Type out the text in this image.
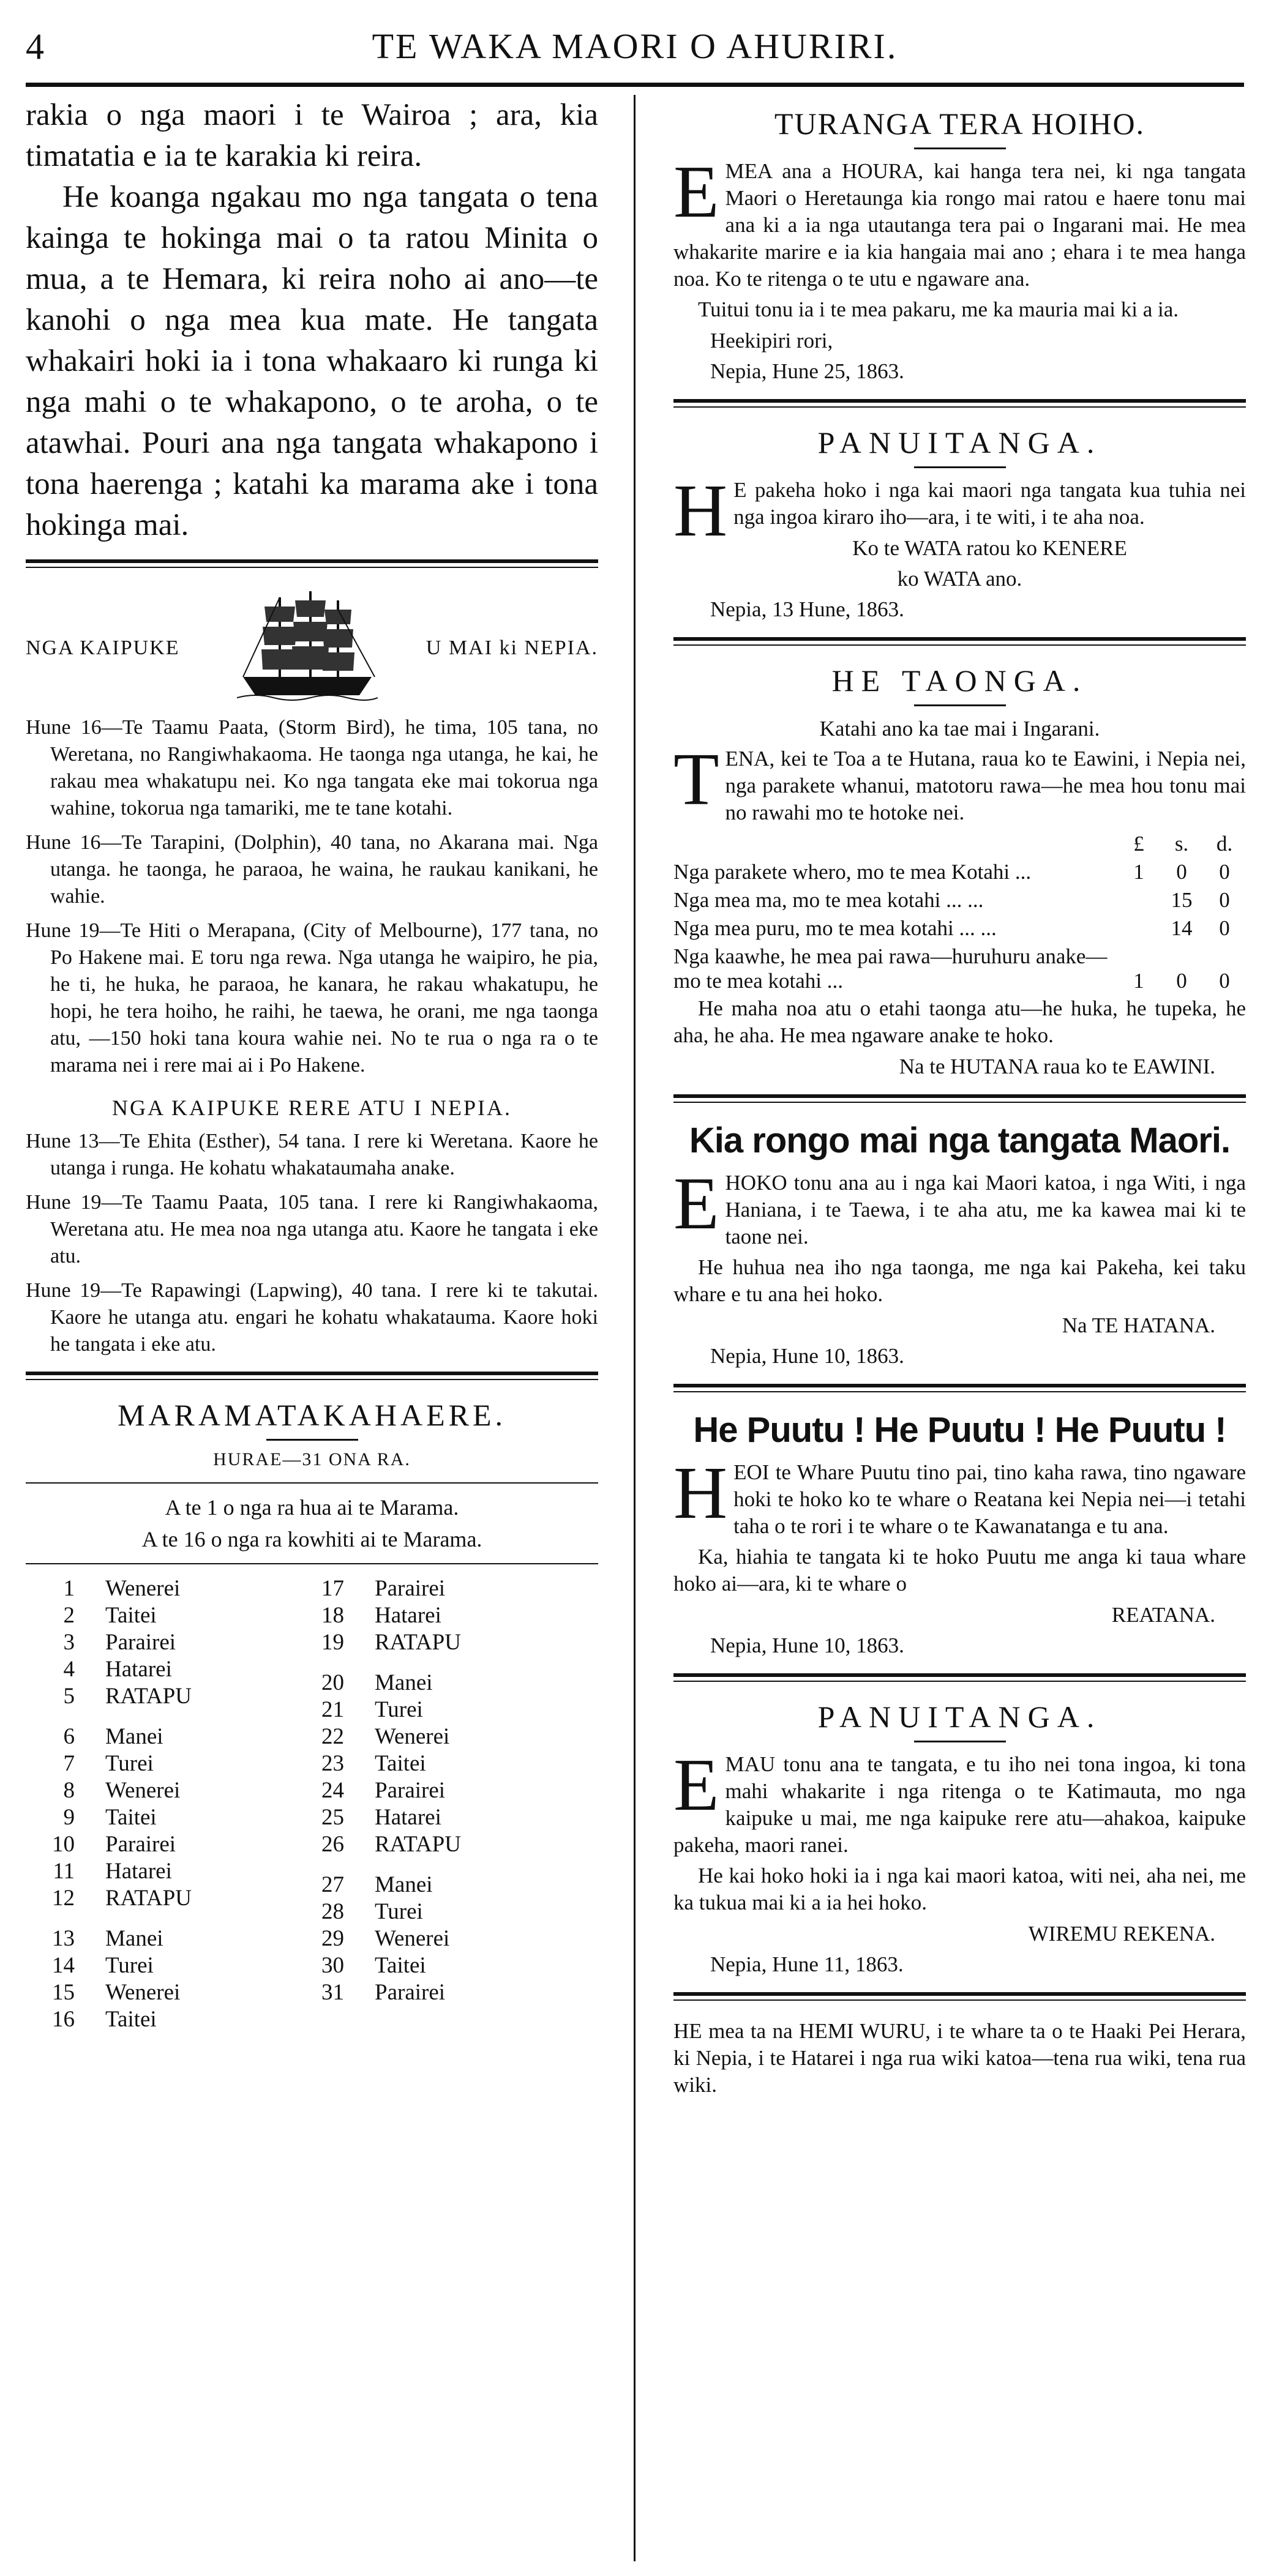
4	TE WAKA MAORI O AHURIRI.

rakia o nga maori i te Wairoa ; ara, kia timatatia e ia te karakia ki reira.

He koanga ngakau mo nga tangata o tena kainga te hokinga mai o ta ratou Minita o mua, a te Hemara, ki reira noho ai ano—te kanohi o nga mea kua mate. He tangata whakairi hoki ia i tona whakaaro ki runga ki nga mahi o te whakapono, o te aroha, o te atawhai. Pouri ana nga tangata whakapono i tona haerenga ; katahi ka marama ake i tona hokinga mai.

NGA KAIPUKE	U MAI ki NEPIA.

Hune 16—Te Taamu Paata, (Storm Bird), he tima, 105 tana, no Weretana, no Rangiwhakaoma. He taonga nga utanga, he kai, he rakau mea whakatupu nei. Ko nga tangata eke mai tokorua nga wahine, tokorua nga tamariki, me te tane kotahi.

Hune 16—Te Tarapini, (Dolphin), 40 tana, no Akarana mai. Nga utanga. he taonga, he paraoa, he waina, he raukau kanikani, he wahie.

Hune 19—Te Hiti o Merapana, (City of Melbourne), 177 tana, no Po Hakene mai. E toru nga rewa. Nga utanga he waipiro, he pia, he ti, he huka, he paraoa, he kanara, he rakau whakatupu, he hopi, he tera hoiho, he raihi, he taewa, he orani, me nga taonga atu, —150 hoki tana koura wahie nei. No te rua o nga ra o te marama nei i rere mai ai i Po Hakene.

NGA KAIPUKE RERE ATU I NEPIA.

Hune 13—Te Ehita (Esther), 54 tana. I rere ki Weretana. Kaore he utanga i runga. He kohatu whakataumaha anake.

Hune 19—Te Taamu Paata, 105 tana. I rere ki Rangiwhakaoma, Weretana atu. He mea noa nga utanga atu. Kaore he tangata i eke atu.

Hune 19—Te Rapawingi (Lapwing), 40 tana. I rere ki te takutai. Kaore he utanga atu. engari he kohatu whakatauma. Kaore hoki he tangata i eke atu.

MARAMATAKAHAERE.
HURAE—31 ONA RA.
A te 1 o nga ra hua ai te Marama.
A te 16 o nga ra kowhiti ai te Marama.
1 Wenerei
2 Taitei
3 Parairei
4 Hatarei
5 RATAPU
6 Manei
7 Turei
8 Wenerei
9 Taitei
10 Parairei
11 Hatarei
12 RATAPU
13 Manei
14 Turei
15 Wenerei
16 Taitei
17 Parairei
18 Hatarei
19 RATAPU
20 Manei
21 Turei
22 Wenerei
23 Taitei
24 Parairei
25 Hatarei
26 RATAPU
27 Manei
28 Turei
29 Wenerei
30 Taitei
31 Parairei
TURANGA TERA HOIHO.
E MEA ana a HOURA, kai hanga tera nei, ki nga tangata Maori o Heretaunga kia rongo mai ratou e haere tonu mai ana ki a ia nga utautanga tera pai o Ingarani mai. He mea whakarite marire e ia kia hangaia mai ano ; ehara i te mea hanga noa. Ko te ritenga o te utu e ngaware ana.

Tuitui tonu ia i te mea pakaru, me ka mauria mai ki a ia.

Heekipiri rori,
Nepia, Hune 25, 1863.
PANUITANGA.
H E pakeha hoko i nga kai maori nga tangata kua tuhia nei nga ingoa kiraro iho—ara, i te witi, i te aha noa.

Ko te WATA ratou ko KENERE
ko WATA ano.
Nepia, 13 Hune, 1863.
HE TAONGA.
Katahi ano ka tae mai i Ingarani.
T ENA, kei te Toa a te Hutana, raua ko te Eawini, i Nepia nei, nga parakete whanui, matotoru rawa—he mea hou tonu mai no rawahi mo te hotoke nei.

	£	s.	d.
Nga parakete whero, mo te mea Kotahi ...	1	0	0
Nga mea ma, mo te mea kotahi ... ...		15	0
Nga mea puru, mo te mea kotahi ... ...		14	0
Nga kaawhe, he mea pai rawa—huruhuru anake—mo te mea kotahi ...	1	0	0

He maha noa atu o etahi taonga atu—he huka, he tupeka, he aha, he aha. He mea ngaware anake te hoko.

Na te HUTANA raua ko te EAWINI.
Kia rongo mai nga tangata Maori.
E HOKO tonu ana au i nga kai Maori katoa, i nga Witi, i nga Haniana, i te Taewa, i te aha atu, me ka kawea mai ki te taone nei.

He huhua nea iho nga taonga, me nga kai Pakeha, kei taku whare e tu ana hei hoko.

Na TE HATANA.
Nepia, Hune 10, 1863.
He Puutu ! He Puutu ! He Puutu !
H EOI te Whare Puutu tino pai, tino kaha rawa, tino ngaware hoki te hoko ko te whare o Reatana kei Nepia nei—i tetahi taha o te rori i te whare o te Kawanatanga e tu ana.

Ka, hiahia te tangata ki te hoko Puutu me anga ki taua whare hoko ai—ara, ki te whare o

REATANA.
Nepia, Hune 10, 1863.
PANUITANGA.
E MAU tonu ana te tangata, e tu iho nei tona ingoa, ki tona mahi whakarite i nga ritenga o te Katimauta, mo nga kaipuke u mai, me nga kaipuke rere atu—ahakoa, kaipuke pakeha, maori ranei.

He kai hoko hoki ia i nga kai maori katoa, witi nei, aha nei, me ka tukua mai ki a ia hei hoko.

WIREMU REKENA.
Nepia, Hune 11, 1863.

HE mea ta na HEMI WURU, i te whare ta o te Haaki Pei Herara, ki Nepia, i te Hatarei i nga rua wiki katoa—tena rua wiki, tena rua wiki.
